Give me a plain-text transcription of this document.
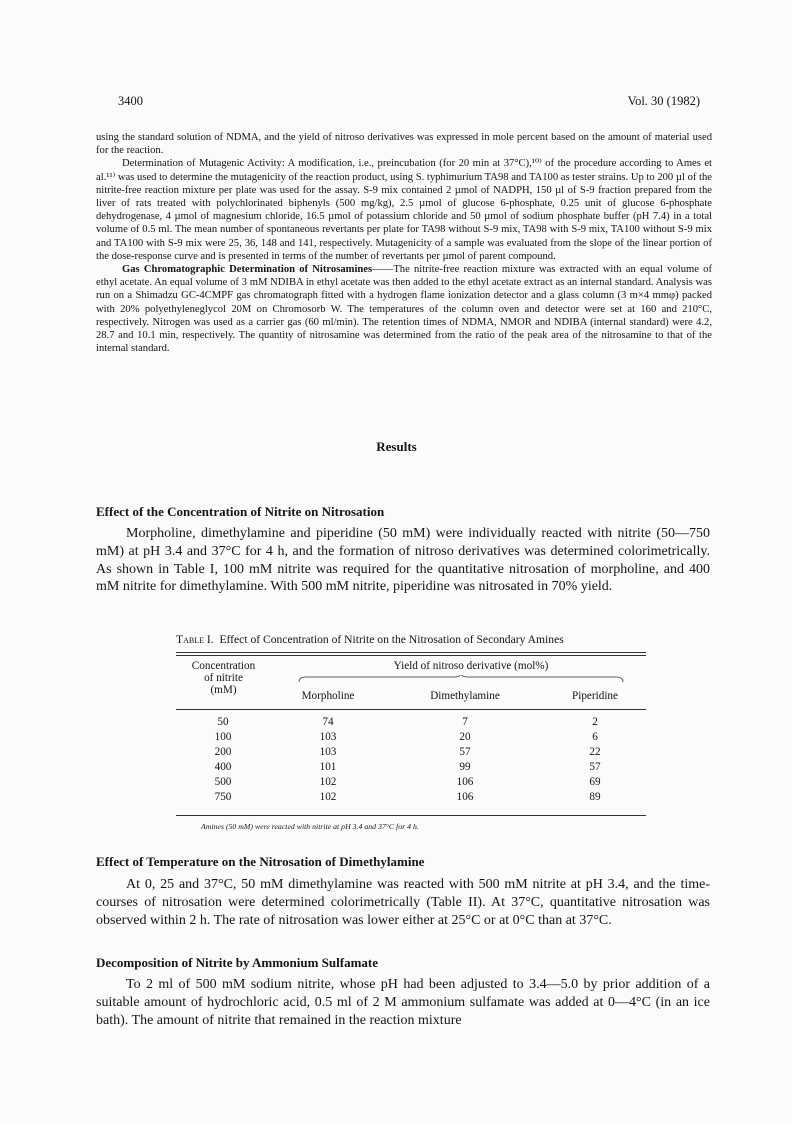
3400	Vol. 30 (1982)

using the standard solution of NDMA, and the yield of nitroso derivatives was expressed in mole percent based on the amount of material used for the reaction.

Determination of Mutagenic Activity: A modification, i.e., preincubation (for 20 min at 37°C),¹⁰⁾ of the procedure according to Ames et al.¹¹⁾ was used to determine the mutagenicity of the reaction product, using S. typhimurium TA98 and TA100 as tester strains. Up to 200 µl of the nitrite-free reaction mixture per plate was used for the assay. S-9 mix contained 2 µmol of NADPH, 150 µl of S-9 fraction prepared from the liver of rats treated with polychlorinated biphenyls (500 mg/kg), 2.5 µmol of glucose 6-phosphate, 0.25 unit of glucose 6-phosphate dehydrogenase, 4 µmol of magnesium chloride, 16.5 µmol of potassium chloride and 50 µmol of sodium phosphate buffer (pH 7.4) in a total volume of 0.5 ml. The mean number of spontaneous revertants per plate for TA98 without S-9 mix, TA98 with S-9 mix, TA100 without S-9 mix and TA100 with S-9 mix were 25, 36, 148 and 141, respectively. Mutagenicity of a sample was evaluated from the slope of the linear portion of the dose-response curve and is presented in terms of the number of revertants per µmol of parent compound.

Gas Chromatographic Determination of Nitrosamines——The nitrite-free reaction mixture was extracted with an equal volume of ethyl acetate. An equal volume of 3 mM NDIBA in ethyl acetate was then added to the ethyl acetate extract as an internal standard. Analysis was run on a Shimadzu GC-4CMPF gas chromatograph fitted with a hydrogen flame ionization detector and a glass column (3 m×4 mmφ) packed with 20% polyethyleneglycol 20M on Chromosorb W. The temperatures of the column oven and detector were set at 160 and 210°C, respectively. Nitrogen was used as a carrier gas (60 ml/min). The retention times of NDMA, NMOR and NDIBA (internal standard) were 4.2, 28.7 and 10.1 min, respectively. The quantity of nitrosamine was determined from the ratio of the peak area of the nitrosamine to that of the internal standard.

Results
Effect of the Concentration of Nitrite on Nitrosation

Morpholine, dimethylamine and piperidine (50 mM) were individually reacted with nitrite (50—750 mM) at pH 3.4 and 37°C for 4 h, and the formation of nitroso derivatives was determined colorimetrically. As shown in Table I, 100 mM nitrite was required for the quantitative nitrosation of morpholine, and 400 mM nitrite for dimethylamine. With 500 mM nitrite, piperidine was nitrosated in 70% yield.

Table I. Effect of Concentration of Nitrite on the Nitrosation of Secondary Amines
Concentration
of nitrite
(mM)
Yield of nitroso derivative (mol%)
Morpholine	Dimethylamine	Piperidine
50	74	7	2
100	103	20	6
200	103	57	22
400	101	99	57
500	102	106	69
750	102	106	89
Amines (50 mM) were reacted with nitrite at pH 3.4 and 37°C for 4 h.
Effect of Temperature on the Nitrosation of Dimethylamine

At 0, 25 and 37°C, 50 mM dimethylamine was reacted with 500 mM nitrite at pH 3.4, and the time-courses of nitrosation were determined colorimetrically (Table II). At 37°C, quantitative nitrosation was observed within 2 h. The rate of nitrosation was lower either at 25°C or at 0°C than at 37°C.

Decomposition of Nitrite by Ammonium Sulfamate

To 2 ml of 500 mM sodium nitrite, whose pH had been adjusted to 3.4—5.0 by prior addition of a suitable amount of hydrochloric acid, 0.5 ml of 2 M ammonium sulfamate was added at 0—4°C (in an ice bath). The amount of nitrite that remained in the reaction mixture
